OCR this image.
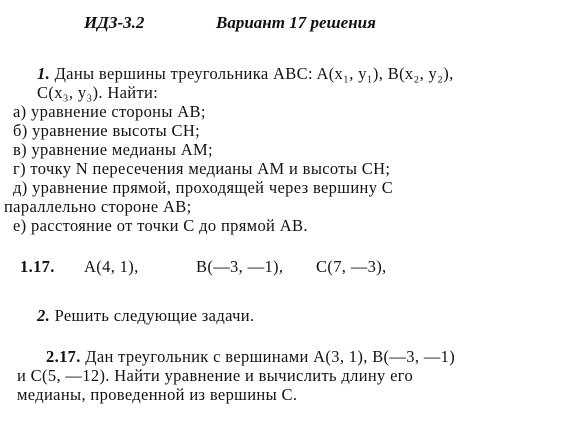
ИДЗ-3.2	Вариант 17 решения
1. Даны вершины треугольника ABC: A(x₁, y₁), B(x₂, y₂),
C(x₃, y₃). Найти:
а) уравнение стороны AB;
б) уравнение высоты CH;
в) уравнение медианы AM;
г) точку N пересечения медианы AM и высоты CH;
д) уравнение прямой, проходящей через вершину C
параллельно стороне AB;
е) расстояние от точки C до прямой AB.
1.17. A(4, 1),	B(—3, —1), C(7, —3),
2. Решить следующие задачи.
2.17. Дан треугольник с вершинами A(3, 1), B(—3, —1)
и C(5, —12). Найти уравнение и вычислить длину его
медианы, проведенной из вершины C.
